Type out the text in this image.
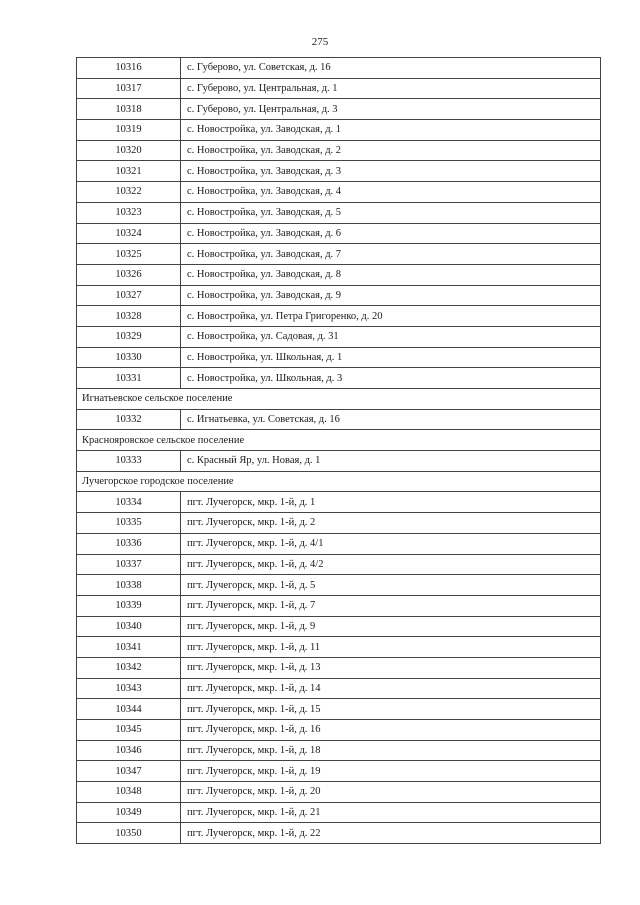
275
10316	с. Губерово, ул. Советская, д. 16
10317	с. Губерово, ул. Центральная, д. 1
10318	с. Губерово, ул. Центральная, д. 3
10319	с. Новостройка, ул. Заводская, д. 1
10320	с. Новостройка, ул. Заводская, д. 2
10321	с. Новостройка, ул. Заводская, д. 3
10322	с. Новостройка, ул. Заводская, д. 4
10323	с. Новостройка, ул. Заводская, д. 5
10324	с. Новостройка, ул. Заводская, д. 6
10325	с. Новостройка, ул. Заводская, д. 7
10326	с. Новостройка, ул. Заводская, д. 8
10327	с. Новостройка, ул. Заводская, д. 9
10328	с. Новостройка, ул. Петра Григоренко, д. 20
10329	с. Новостройка, ул. Садовая, д. 31
10330	с. Новостройка, ул. Школьная, д. 1
10331	с. Новостройка, ул. Школьная, д. 3
Игнатьевское сельское поселение	
10332	с. Игнатьевка, ул. Советская, д. 16
Краснояровское сельское поселение	
10333	с. Красный Яр, ул. Новая, д. 1
Лучегорское городское поселение	
10334	пгт. Лучегорск, мкр. 1-й, д. 1
10335	пгт. Лучегорск, мкр. 1-й, д. 2
10336	пгт. Лучегорск, мкр. 1-й, д. 4/1
10337	пгт. Лучегорск, мкр. 1-й, д. 4/2
10338	пгт. Лучегорск, мкр. 1-й, д. 5
10339	пгт. Лучегорск, мкр. 1-й, д. 7
10340	пгт. Лучегорск, мкр. 1-й, д. 9
10341	пгт. Лучегорск, мкр. 1-й, д. 11
10342	пгт. Лучегорск, мкр. 1-й, д. 13
10343	пгт. Лучегорск, мкр. 1-й, д. 14
10344	пгт. Лучегорск, мкр. 1-й, д. 15
10345	пгт. Лучегорск, мкр. 1-й, д. 16
10346	пгт. Лучегорск, мкр. 1-й, д. 18
10347	пгт. Лучегорск, мкр. 1-й, д. 19
10348	пгт. Лучегорск, мкр. 1-й, д. 20
10349	пгт. Лучегорск, мкр. 1-й, д. 21
10350	пгт. Лучегорск, мкр. 1-й, д. 22
